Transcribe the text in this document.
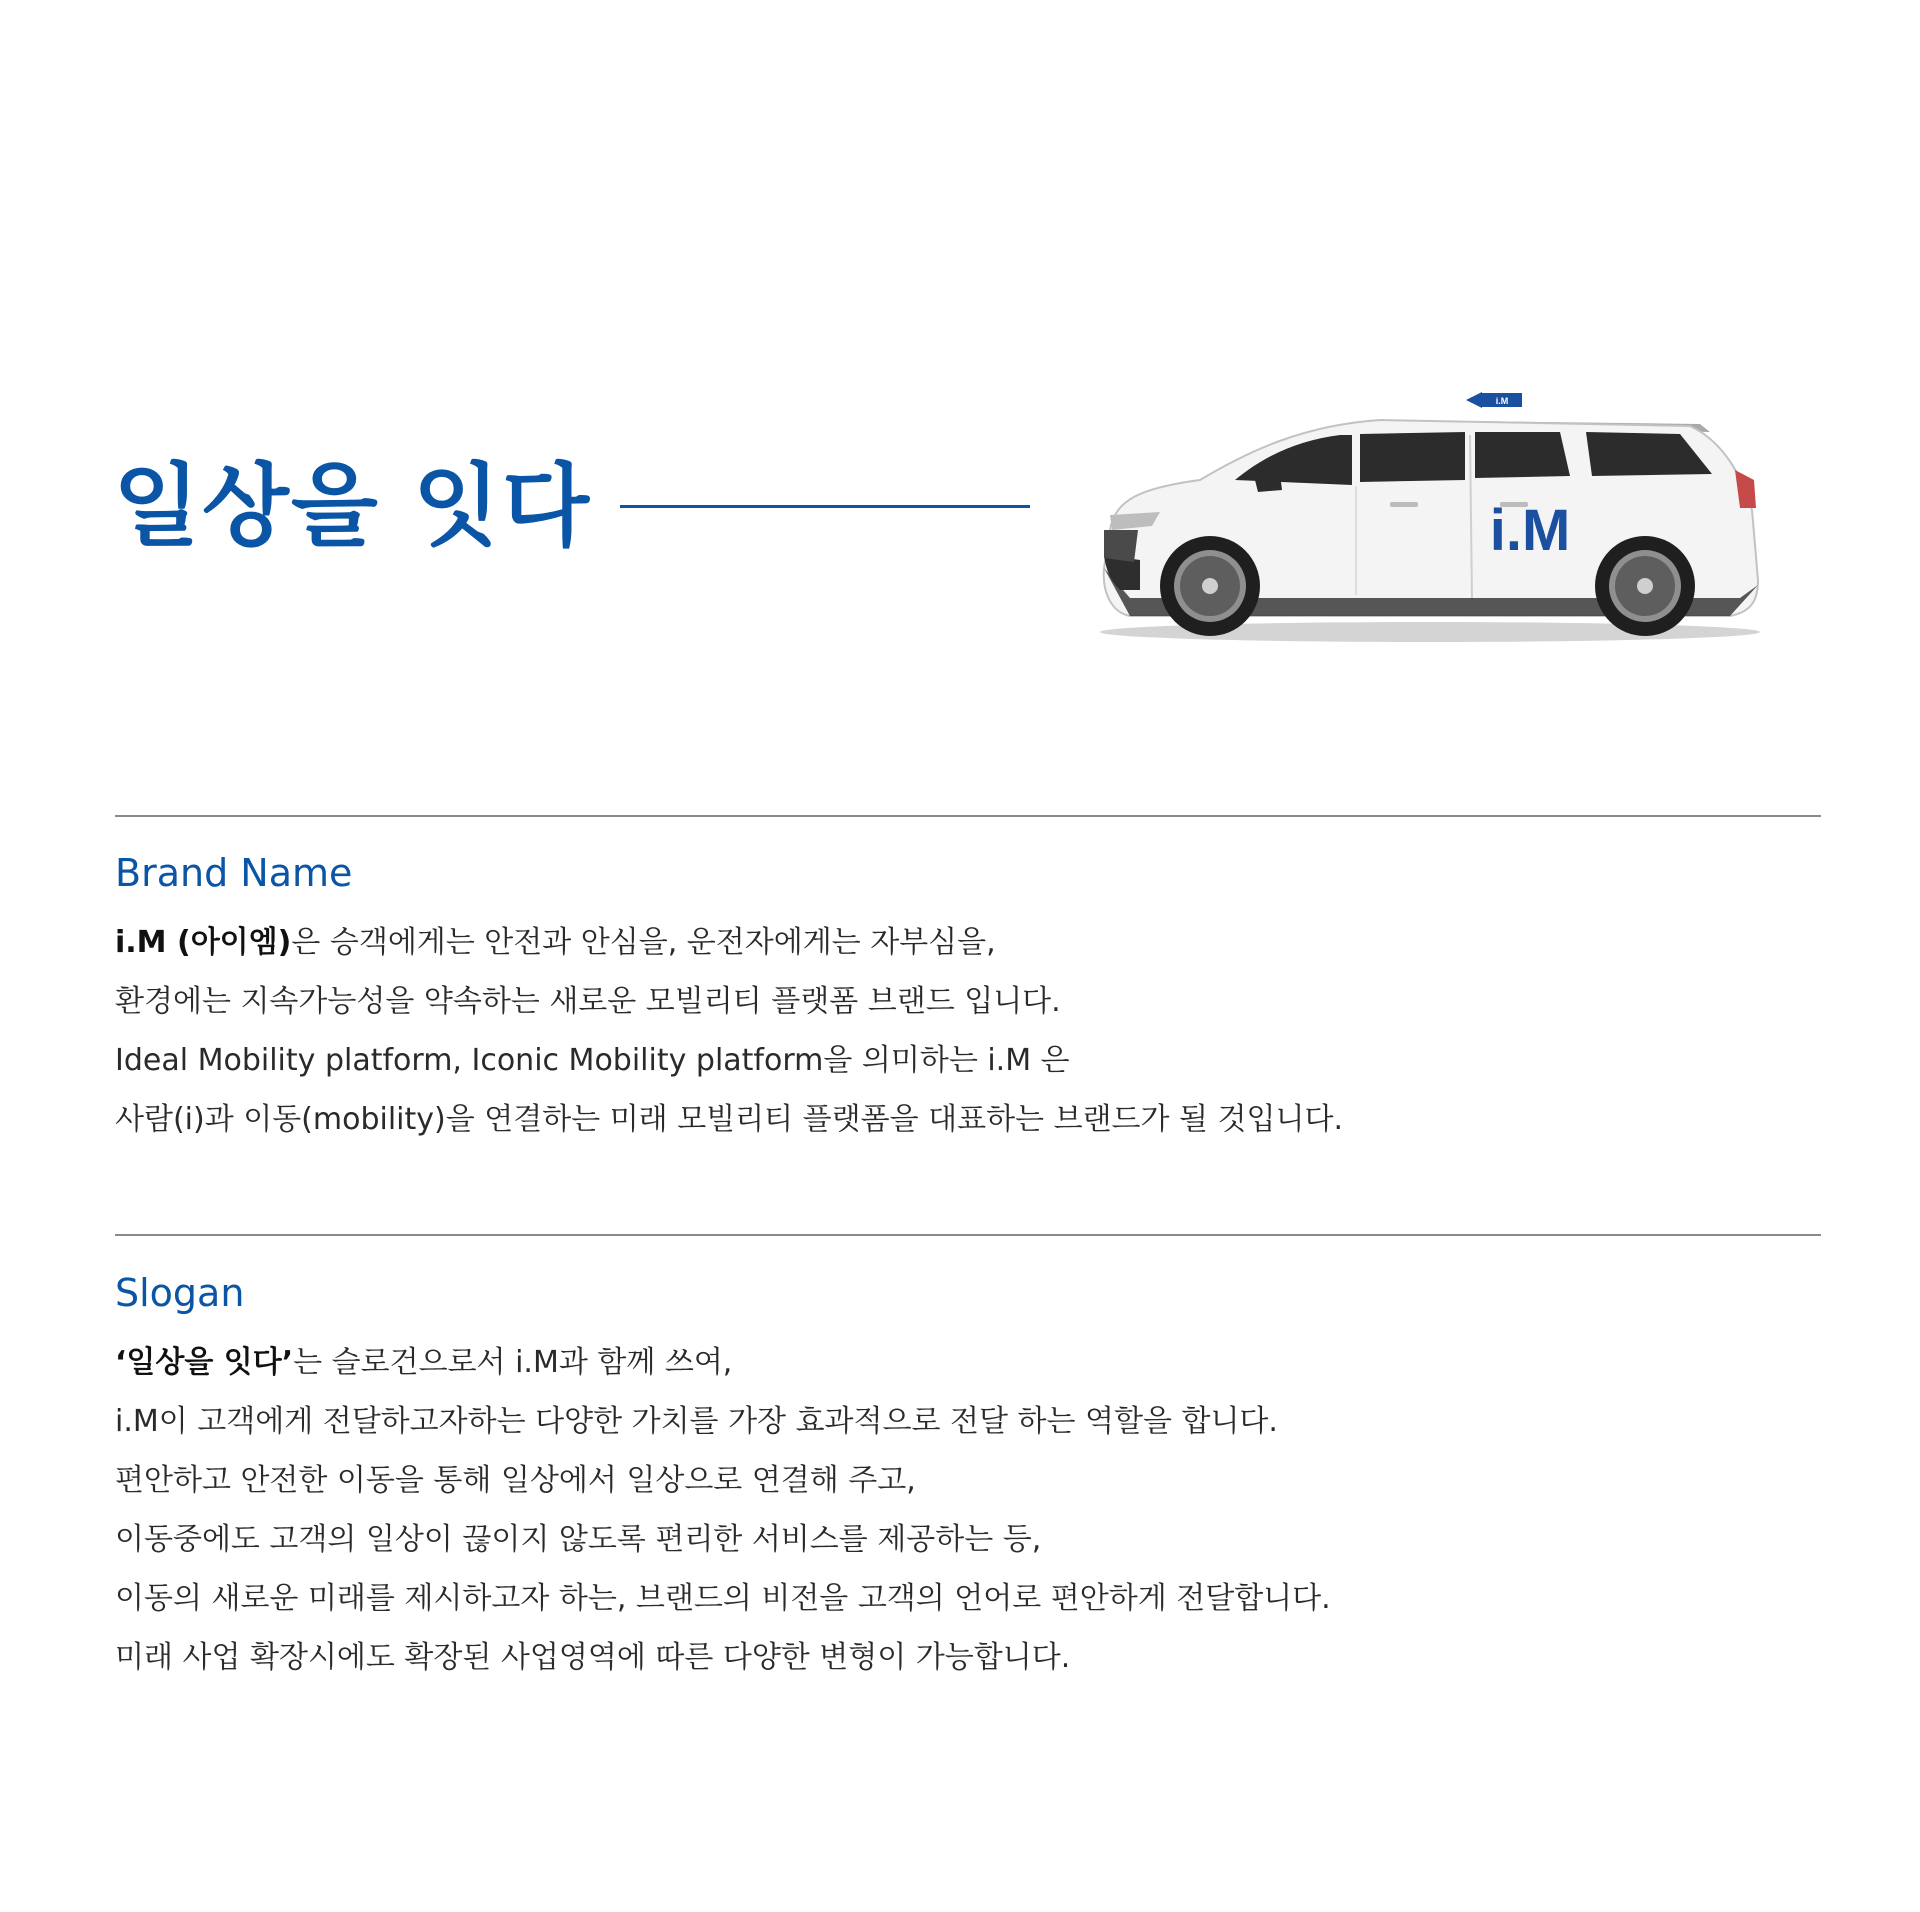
일상을 잇다
i.M
i.M
Brand Name
i.M (아이엠)은 승객에게는 안전과 안심을, 운전자에게는 자부심을,
환경에는 지속가능성을 약속하는 새로운 모빌리티 플랫폼 브랜드 입니다.
Ideal Mobility platform, Iconic Mobility platform을 의미하는 i.M 은
사람(i)과 이동(mobility)을 연결하는 미래 모빌리티 플랫폼을 대표하는 브랜드가 될 것입니다.
Slogan
‘일상을 잇다’는 슬로건으로서 i.M과 함께 쓰여,
i.M이 고객에게 전달하고자하는 다양한 가치를 가장 효과적으로 전달 하는 역할을 합니다.
편안하고 안전한 이동을 통해 일상에서 일상으로 연결해 주고,
이동중에도 고객의 일상이 끊이지 않도록 편리한 서비스를 제공하는 등,
이동의 새로운 미래를 제시하고자 하는, 브랜드의 비전을 고객의 언어로 편안하게 전달합니다.
미래 사업 확장시에도 확장된 사업영역에 따른 다양한 변형이 가능합니다.
